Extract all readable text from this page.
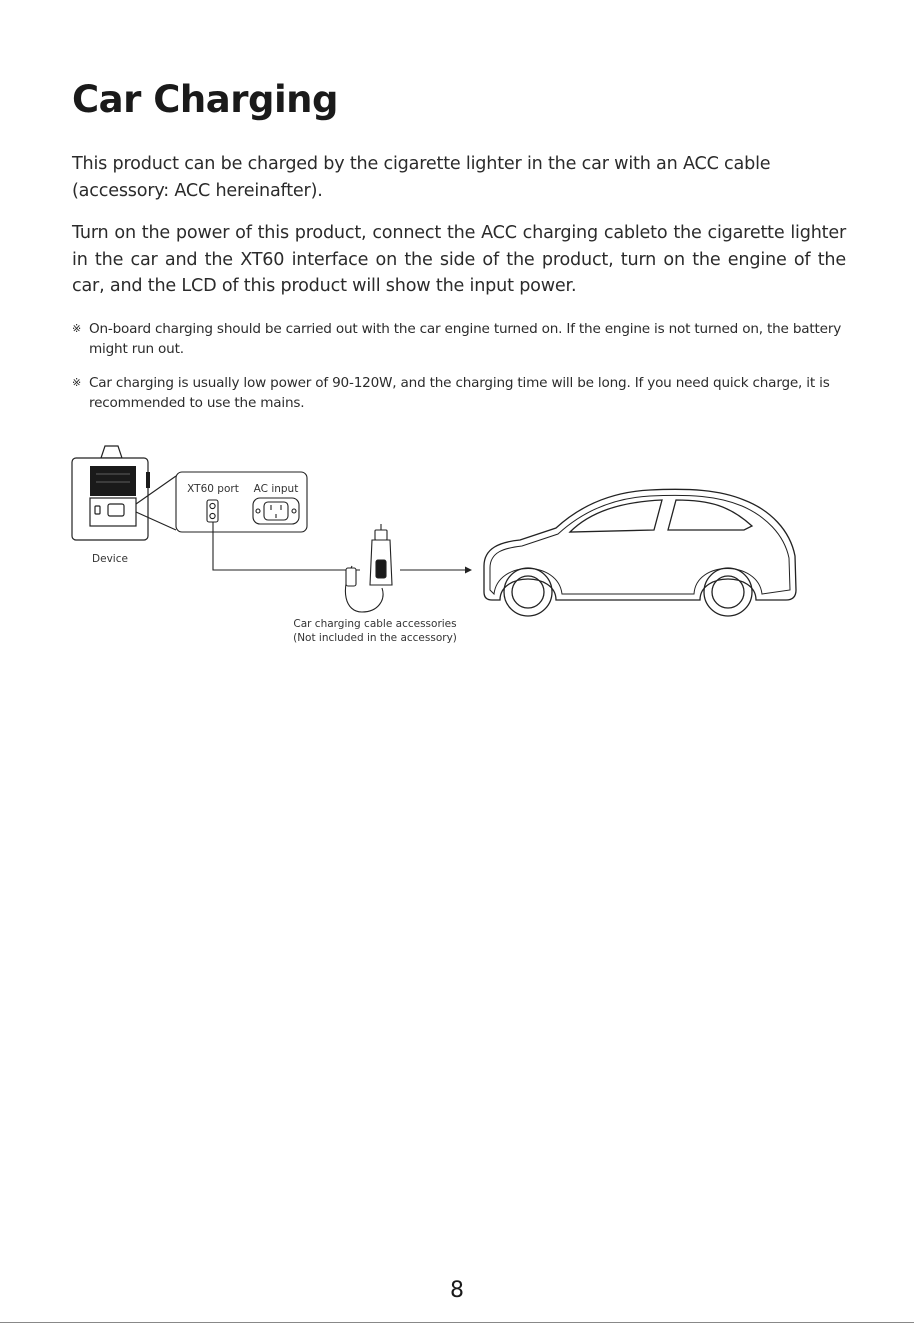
Car Charging

This product can be charged by the cigarette lighter in the car with an ACC cable
(accessory: ACC hereinafter).

Turn on the power of this product, connect the ACC charging cableto the cigarette lighter in the car and the XT60 interface on the side of the product, turn on the engine of the car, and the LCD of this product will show the input power.

※ On-board charging should be carried out with the car engine turned on. If the engine is not turned on, the battery might run out.
※ Car charging is usually low power of 90-120W, and the charging time will be long. If you need quick charge, it is recommended to use the mains.
Device
XT60 port AC input
Car charging cable accessories
(Not included in the accessory)
8
